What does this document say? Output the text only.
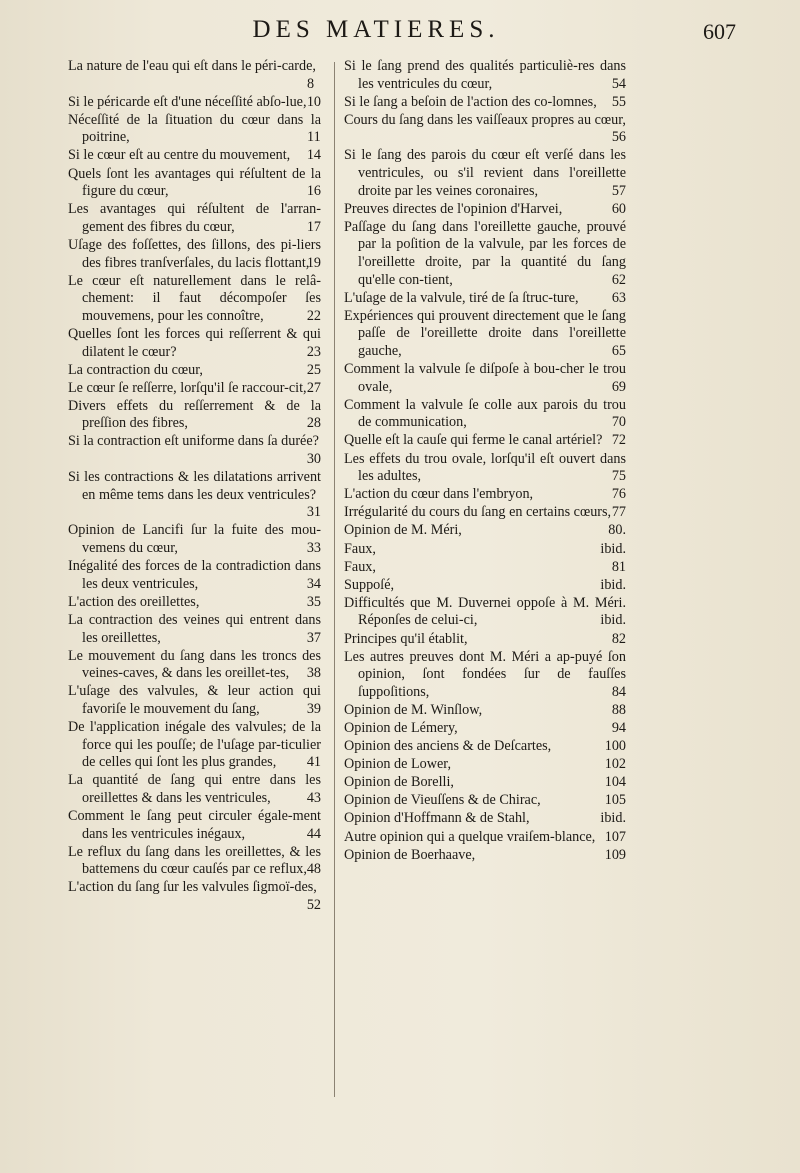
DES MATIERES.	607
La nature de l'eau qui eſt dans le péri-carde,
8
Si le péricarde eſt d'une néceſſité abſo-lue, 10
Néceſſité de la ſituation du cœur dans la poitrine,	11
Si le cœur eſt au centre du mouvement, 14
Quels ſont les avantages qui réſultent de la figure du cœur,	16
Les avantages qui réſultent de l'arran-gement des fibres du cœur,	17
Uſage des foſſettes, des ſillons, des pi-liers des fibres tranſverſales, du lacis flottant,
19
Le cœur eſt naturellement dans le relâ-chement: il faut décompoſer ſes mouvemens, pour les connoître,	22
Quelles ſont les forces qui reſſerrent & qui dilatent le cœur?	23
La contraction du cœur,	25
Le cœur ſe reſſerre, lorſqu'il ſe raccour-cit, 27
Divers effets du reſſerrement & de la preſſion des fibres,	28
Si la contraction eſt uniforme dans ſa durée?
30
Si les contractions & les dilatations arrivent en même tems dans les deux ventricules?
31
Opinion de Lancifi ſur la fuite des mou-vemens du cœur,	33
Inégalité des forces de la contradiction dans les deux ventricules,	34
L'action des oreillettes,	35
La contraction des veines qui entrent dans les oreillettes,	37
Le mouvement du ſang dans les troncs des veines-caves, & dans les oreillet-tes, 38
L'uſage des valvules, & leur action qui favoriſe le mouvement du ſang,	39
De l'application inégale des valvules; de la force qui les pouſſe; de l'uſage par-ticulier de celles qui ſont les plus grandes, 41
La quantité de ſang qui entre dans les oreillettes & dans les ventricules,	43
Comment le ſang peut circuler égale-ment dans les ventricules inégaux,	44
Le reflux du ſang dans les oreillettes, & les battemens du cœur cauſés par ce reflux, 48
L'action du ſang ſur les valvules ſigmoï-des,
52
Si le ſang prend des qualités particuliè-res dans les ventricules du cœur,	54
Si le ſang a beſoin de l'action des co-lomnes, 55
Cours du ſang dans les vaiſſeaux propres au cœur,
56
Si le ſang des parois du cœur eſt verſé dans les ventricules, ou s'il revient dans l'oreillette droite par les veines coronaires,	57
Preuves directes de l'opinion d'Harvei,	60
Paſſage du ſang dans l'oreillette gauche, prouvé par la poſition de la valvule, par les forces de l'oreillette droite, par la quantité du ſang qu'elle con-tient,	62
L'uſage de la valvule, tiré de ſa ſtruc-ture, 63
Expériences qui prouvent directement que le ſang paſſe de l'oreillette droite dans l'oreillette gauche,	65
Comment la valvule ſe diſpoſe à bou-cher le trou ovale,	69
Comment la valvule ſe colle aux parois du trou de communication,	70
Quelle eſt la cauſe qui ferme le canal artériel? 72
Les effets du trou ovale, lorſqu'il eſt ouvert dans les adultes,	75
L'action du cœur dans l'embryon,	76
Irrégularité du cours du ſang en certains cœurs, 77
Opinion de M. Méri,	80.
Faux,	ibid.
Faux,	81
Suppoſé,	ibid.
Difficultés que M. Duvernei oppoſe à M. Méri. Réponſes de celui-ci,	ibid.
Principes qu'il établit,	82
Les autres preuves dont M. Méri a ap-puyé ſon opinion, ſont fondées ſur de fauſſes ſuppoſitions,	84
Opinion de M. Winſlow,	88
Opinion de Lémery,	94
Opinion des anciens & de Deſcartes,	100
Opinion de Lower,	102
Opinion de Borelli,	104
Opinion de Vieuſſens & de Chirac,	105
Opinion d'Hoffmann & de Stahl,	ibid.
Autre opinion qui a quelque vraiſem-blance, 107
Opinion de Boerhaave,	109
